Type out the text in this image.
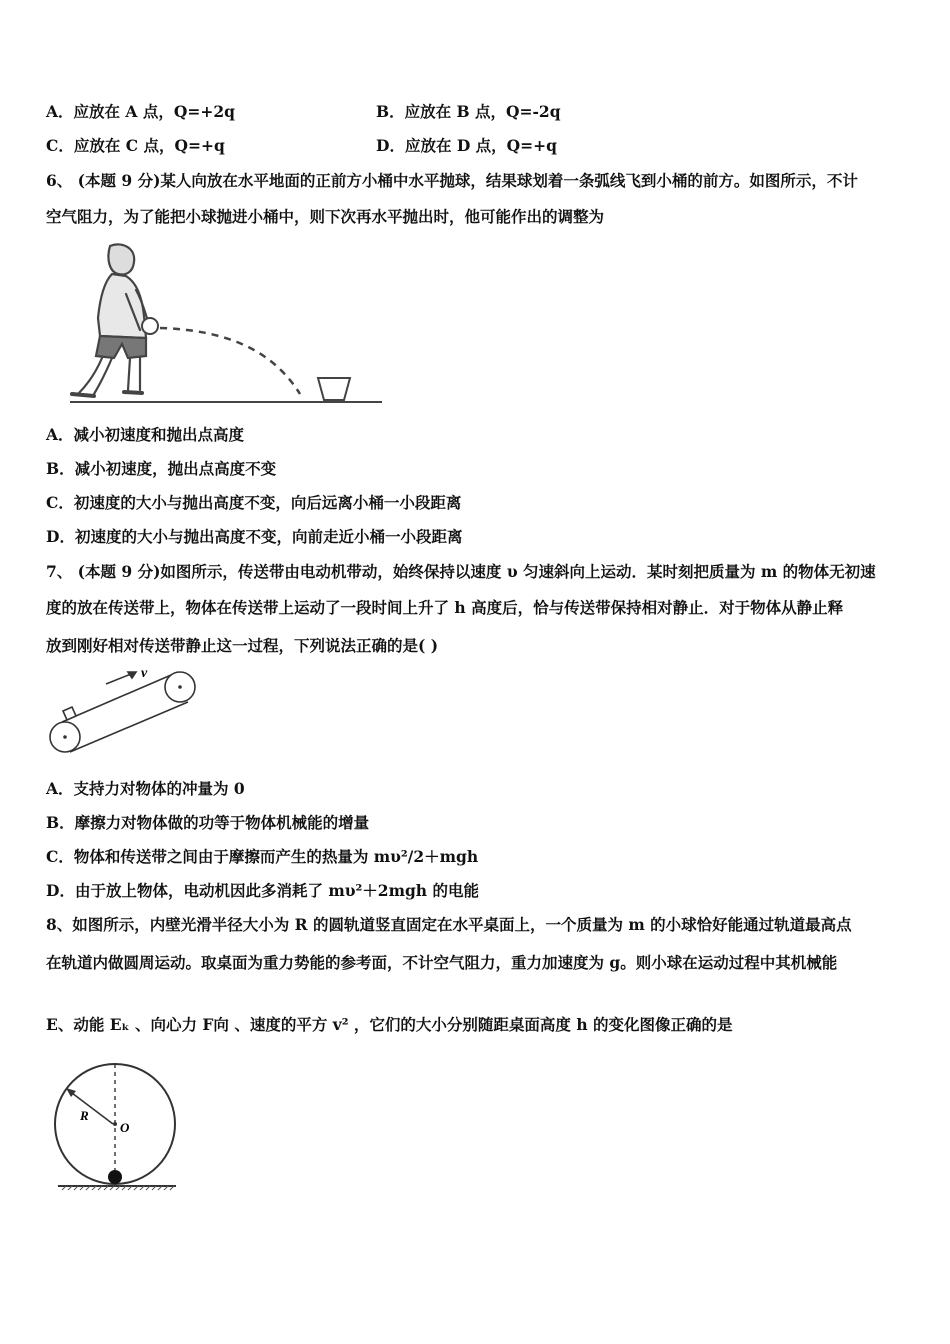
A．应放在 A 点，Q=+2q	B．应放在 B 点，Q=-2q
C．应放在 C 点，Q=+q	D．应放在 D 点，Q=+q
6、 (本题 9 分)某人向放在水平地面的正前方小桶中水平抛球，结果球划着一条弧线飞到小桶的前方。如图所示，不计
空气阻力，为了能把小球抛进小桶中，则下次再水平抛出时，他可能作出的调整为
A．减小初速度和抛出点高度
B．减小初速度，抛出点高度不变
C．初速度的大小与抛出高度不变，向后远离小桶一小段距离
D．初速度的大小与抛出高度不变，向前走近小桶一小段距离
7、 (本题 9 分)如图所示，传送带由电动机带动，始终保持以速度 υ 匀速斜向上运动．某时刻把质量为 m 的物体无初速
度的放在传送带上，物体在传送带上运动了一段时间上升了 h 高度后，恰与传送带保持相对静止．对于物体从静止释
放到刚好相对传送带静止这一过程，下列说法正确的是( )
v
A．支持力对物体的冲量为 0
B．摩擦力对物体做的功等于物体机械能的增量
C．物体和传送带之间由于摩擦而产生的热量为 mυ²/2＋mgh
D．由于放上物体，电动机因此多消耗了 mυ²＋2mgh 的电能
8、如图所示，内壁光滑半径大小为 R 的圆轨道竖直固定在水平桌面上，一个质量为 m 的小球恰好能通过轨道最高点
在轨道内做圆周运动。取桌面为重力势能的参考面，不计空气阻力，重力加速度为 g。则小球在运动过程中其机械能
E、动能 Eₖ 、向心力 F向 、速度的平方 v² ，它们的大小分别随距桌面高度 h 的变化图像正确的是
R
O
